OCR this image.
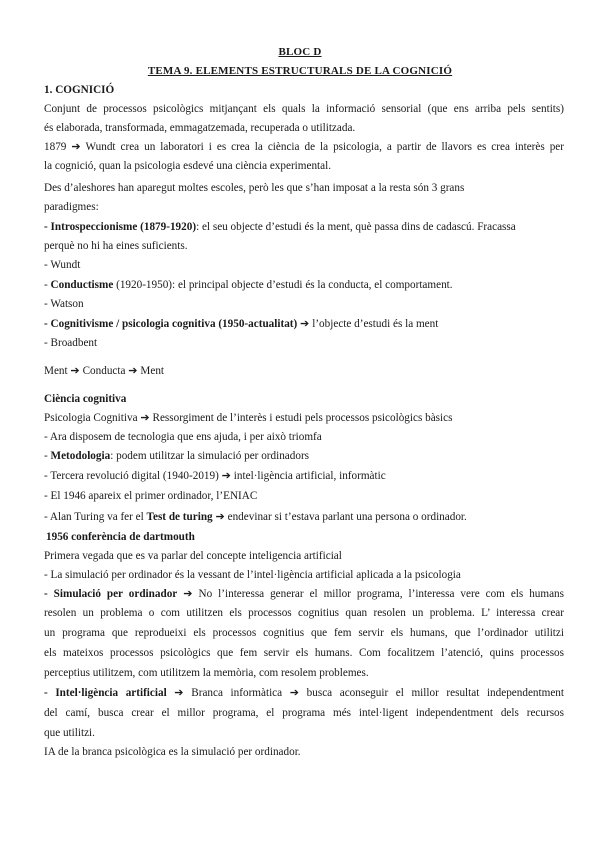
BLOC D
TEMA 9. ELEMENTS ESTRUCTURALS DE LA COGNICIÓ
1. COGNICIÓ
Conjunt de processos psicològics mitjançant els quals la informació sensorial (que ens arriba pels sentits)
és elaborada, transformada, emmagatzemada, recuperada o utilitzada.
1879 ➔ Wundt crea un laboratori i es crea la ciència de la psicologia, a partir de llavors es crea interès per
la cognició, quan la psicologia esdevé una ciència experimental.
Des d’aleshores han aparegut moltes escoles, però les que s’han imposat a la resta són 3 grans
paradigmes:
- Introspeccionisme (1879-1920): el seu objecte d’estudi és la ment, què passa dins de cadascú. Fracassa
perquè no hi ha eines suficients.
- Wundt
- Conductisme (1920-1950): el principal objecte d’estudi és la conducta, el comportament.
- Watson
- Cognitivisme / psicologia cognitiva (1950-actualitat) ➔ l’objecte d’estudi és la ment
- Broadbent
Ment ➔ Conducta ➔ Ment
Ciència cognitiva
Psicologia Cognitiva ➔ Ressorgiment de l’interès i estudi pels processos psicològics bàsics
- Ara disposem de tecnologia que ens ajuda, i per això triomfa
- Metodologia: podem utilitzar la simulació per ordinadors
- Tercera revolució digital (1940-2019) ➔ intel·ligència artificial, informàtic
- El 1946 apareix el primer ordinador, l’ENIAC
- Alan Turing va fer el Test de turing ➔ endevinar si t’estava parlant una persona o ordinador.
1956 conferència de dartmouth
Primera vegada que es va parlar del concepte inteligencia artificial
- La simulació per ordinador és la vessant de l’intel·ligència artificial aplicada a la psicologia
- Simulació per ordinador ➔ No l’interessa generar el millor programa, l’interessa vere com els humans
resolen un problema o com utilitzen els processos cognitius quan resolen un problema. L’ interessa crear
un programa que reprodueixi els processos cognitius que fem servir els humans, que l’ordinador utilitzi
els mateixos processos psicològics que fem servir els humans. Com focalitzem l’atenció, quins processos
perceptius utilitzem, com utilitzem la memòria, com resolem problemes.
- Intel·ligència artificial ➔ Branca informàtica ➔ busca aconseguir el millor resultat independentment
del camí, busca crear el millor programa, el programa més intel·ligent independentment dels recursos
que utilitzi.
IA de la branca psicològica es la simulació per ordinador.
